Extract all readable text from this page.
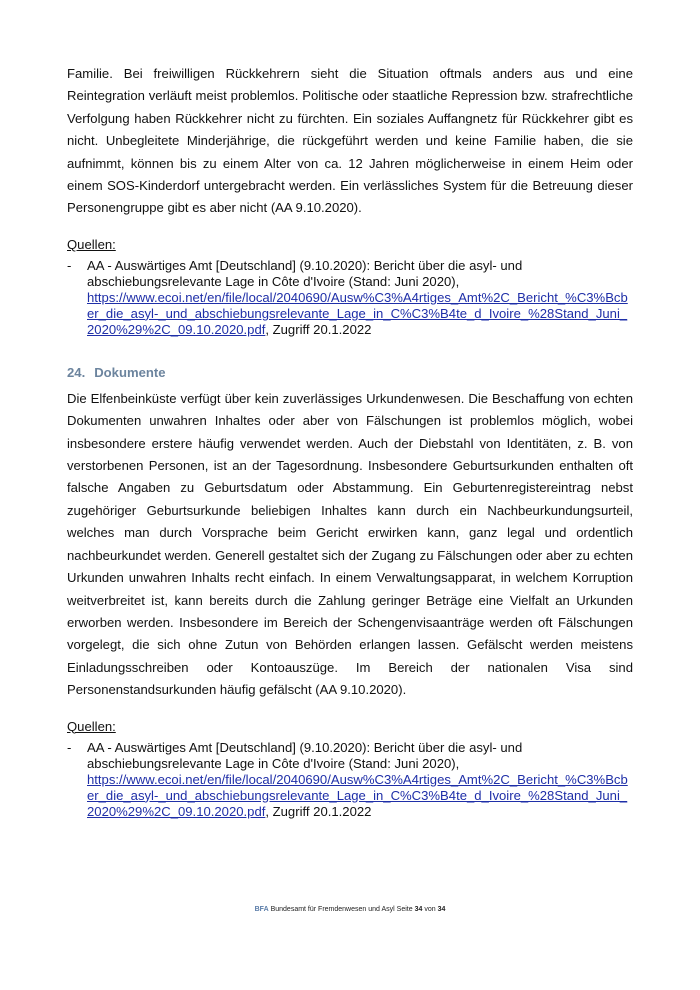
Familie. Bei freiwilligen Rückkehrern sieht die Situation oftmals anders aus und eine Reintegration verläuft meist problemlos. Politische oder staatliche Repression bzw. strafrechtliche Verfolgung haben Rückkehrer nicht zu fürchten. Ein soziales Auffangnetz für Rückkehrer gibt es nicht. Unbegleitete Minderjährige, die rückgeführt werden und keine Familie haben, die sie aufnimmt, können bis zu einem Alter von ca. 12 Jahren möglicherweise in einem Heim oder einem SOS-Kinderdorf untergebracht werden. Ein verlässliches System für die Betreuung dieser Personengruppe gibt es aber nicht (AA 9.10.2020).

Quellen:
- AA - Auswärtiges Amt [Deutschland] (9.10.2020): Bericht über die asyl- und abschiebungsrelevante Lage in Côte d'Ivoire (Stand: Juni 2020),
https://www.ecoi.net/en/file/local/2040690/Ausw%C3%A4rtiges_Amt%2C_Bericht_%C3%Bcber_die_asyl-_und_abschiebungsrelevante_Lage_in_C%C3%B4te_d_Ivoire_%28Stand_Juni_2020%29%2C_09.10.2020.pdf, Zugriff 20.1.2022
24. Dokumente

Die Elfenbeinküste verfügt über kein zuverlässiges Urkundenwesen. Die Beschaffung von echten Dokumenten unwahren Inhaltes oder aber von Fälschungen ist problemlos möglich, wobei insbesondere erstere häufig verwendet werden. Auch der Diebstahl von Identitäten, z. B. von verstorbenen Personen, ist an der Tagesordnung. Insbesondere Geburtsurkunden enthalten oft falsche Angaben zu Geburtsdatum oder Abstammung. Ein Geburtenregistereintrag nebst zugehöriger Geburtsurkunde beliebigen Inhaltes kann durch ein Nachbeurkundungsurteil, welches man durch Vorsprache beim Gericht erwirken kann, ganz legal und ordentlich nachbeurkundet werden. Generell gestaltet sich der Zugang zu Fälschungen oder aber zu echten Urkunden unwahren Inhalts recht einfach. In einem Verwaltungsapparat, in welchem Korruption weitverbreitet ist, kann bereits durch die Zahlung geringer Beträge eine Vielfalt an Urkunden erworben werden. Insbesondere im Bereich der Schengenvisaanträge werden oft Fälschungen vorgelegt, die sich ohne Zutun von Behörden erlangen lassen. Gefälscht werden meistens Einladungsschreiben oder Kontoauszüge. Im Bereich der nationalen Visa sind Personenstandsurkunden häufig gefälscht (AA 9.10.2020).

Quellen:
- AA - Auswärtiges Amt [Deutschland] (9.10.2020): Bericht über die asyl- und abschiebungsrelevante Lage in Côte d'Ivoire (Stand: Juni 2020),
https://www.ecoi.net/en/file/local/2040690/Ausw%C3%A4rtiges_Amt%2C_Bericht_%C3%Bcber_die_asyl-_und_abschiebungsrelevante_Lage_in_C%C3%B4te_d_Ivoire_%28Stand_Juni_2020%29%2C_09.10.2020.pdf, Zugriff 20.1.2022
BFA Bundesamt für Fremdenwesen und Asyl Seite 34 von 34
